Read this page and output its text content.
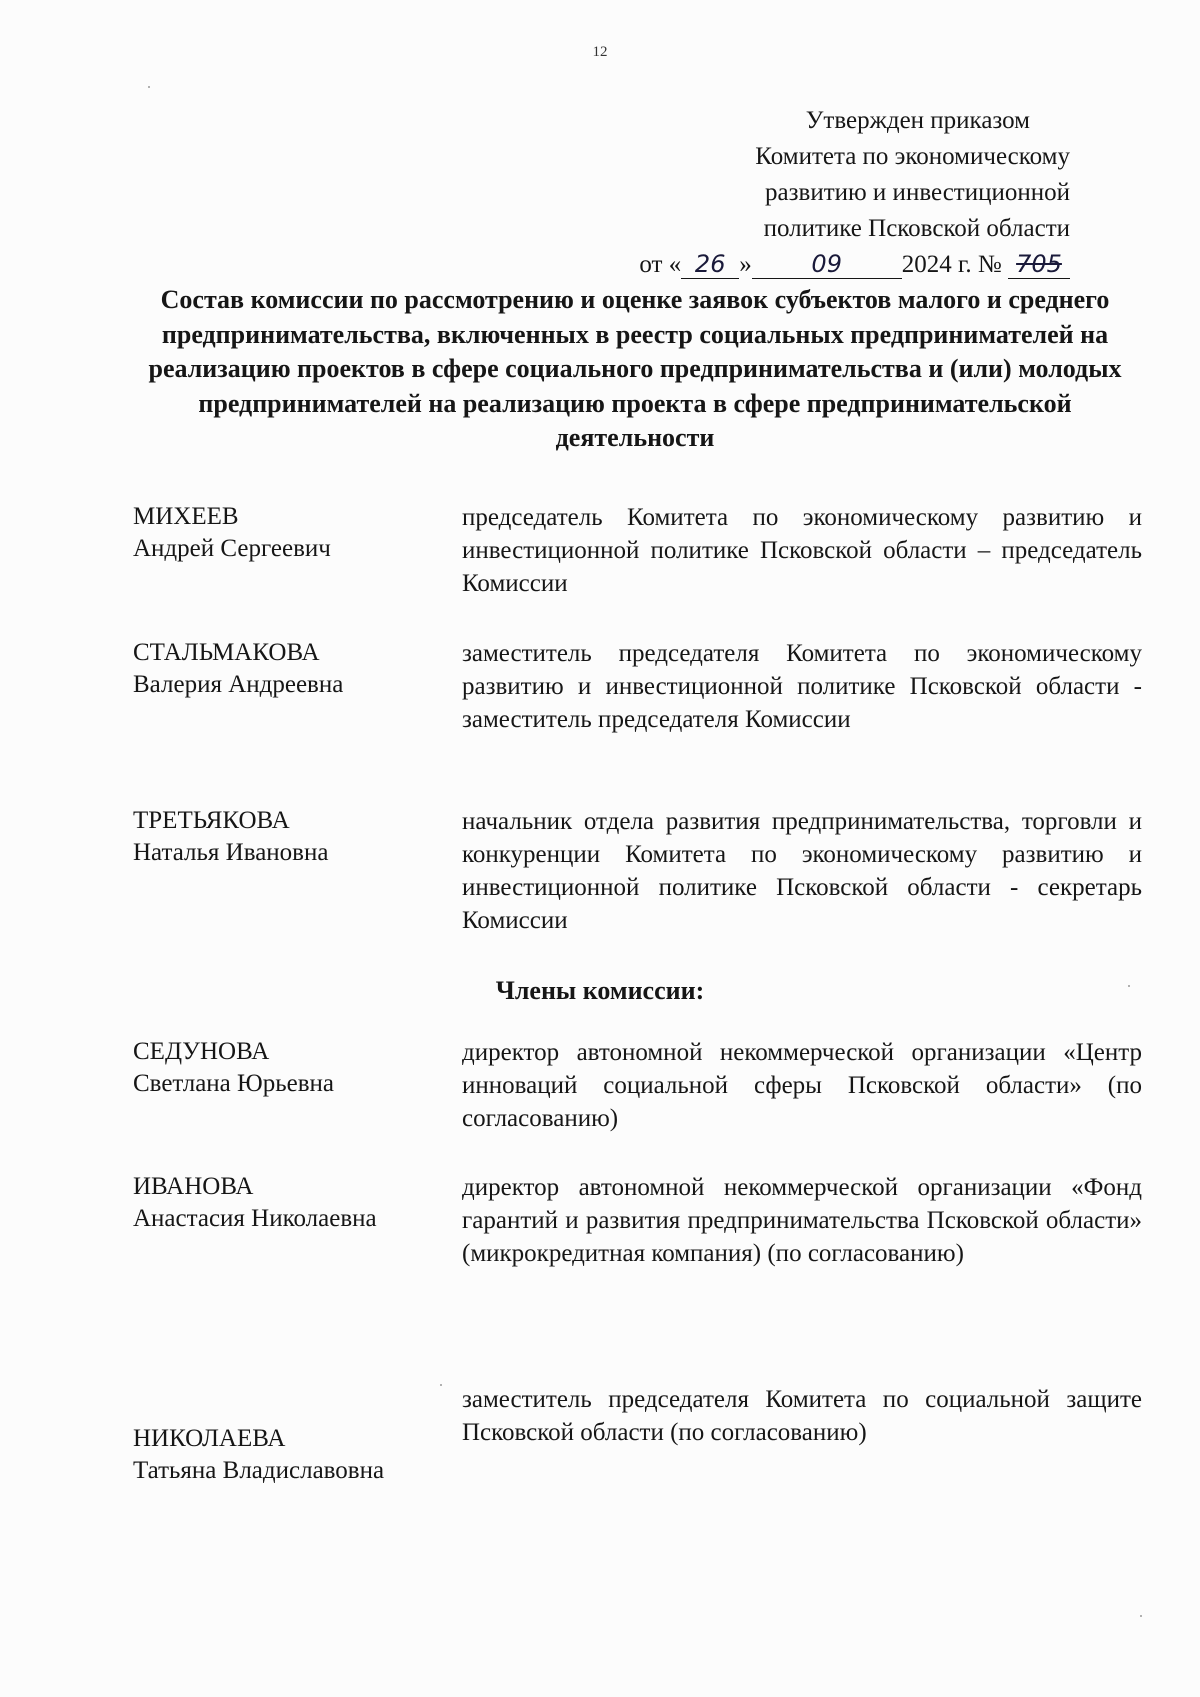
12
Утвержден приказом
Комитета по экономическому
развитию и инвестиционной
политике Псковской области
от « 26 » 09 2024 г. № 705
Состав комиссии по рассмотрению и оценке заявок субъектов малого и среднего предпринимательства, включенных в реестр социальных предпринимателей на реализацию проектов в сфере социального предпринимательства и (или) молодых предпринимателей на реализацию проекта в сфере предпринимательской деятельности
МИХЕЕВ
Андрей Сергеевич
председатель Комитета по экономическому развитию и инвестиционной политике Псковской области – председатель Комиссии
СТАЛЬМАКОВА
Валерия Андреевна
заместитель председателя Комитета по экономическому развитию и инвестиционной политике Псковской области - заместитель председателя Комиссии
ТРЕТЬЯКОВА
Наталья Ивановна
начальник отдела развития предпринимательства, торговли и конкуренции Комитета по экономическому развитию и инвестиционной политике Псковской области - секретарь Комиссии
Члены комиссии:
СЕДУНОВА
Светлана Юрьевна
директор автономной некоммерческой организации «Центр инноваций социальной сферы Псковской области» (по согласованию)
ИВАНОВА
Анастасия Николаевна
директор автономной некоммерческой организации «Фонд гарантий и развития предпринимательства Псковской области» (микрокредитная компания) (по согласованию)
НИКОЛАЕВА
Татьяна Владиславовна
заместитель председателя Комитета по социальной защите Псковской области (по согласованию)
